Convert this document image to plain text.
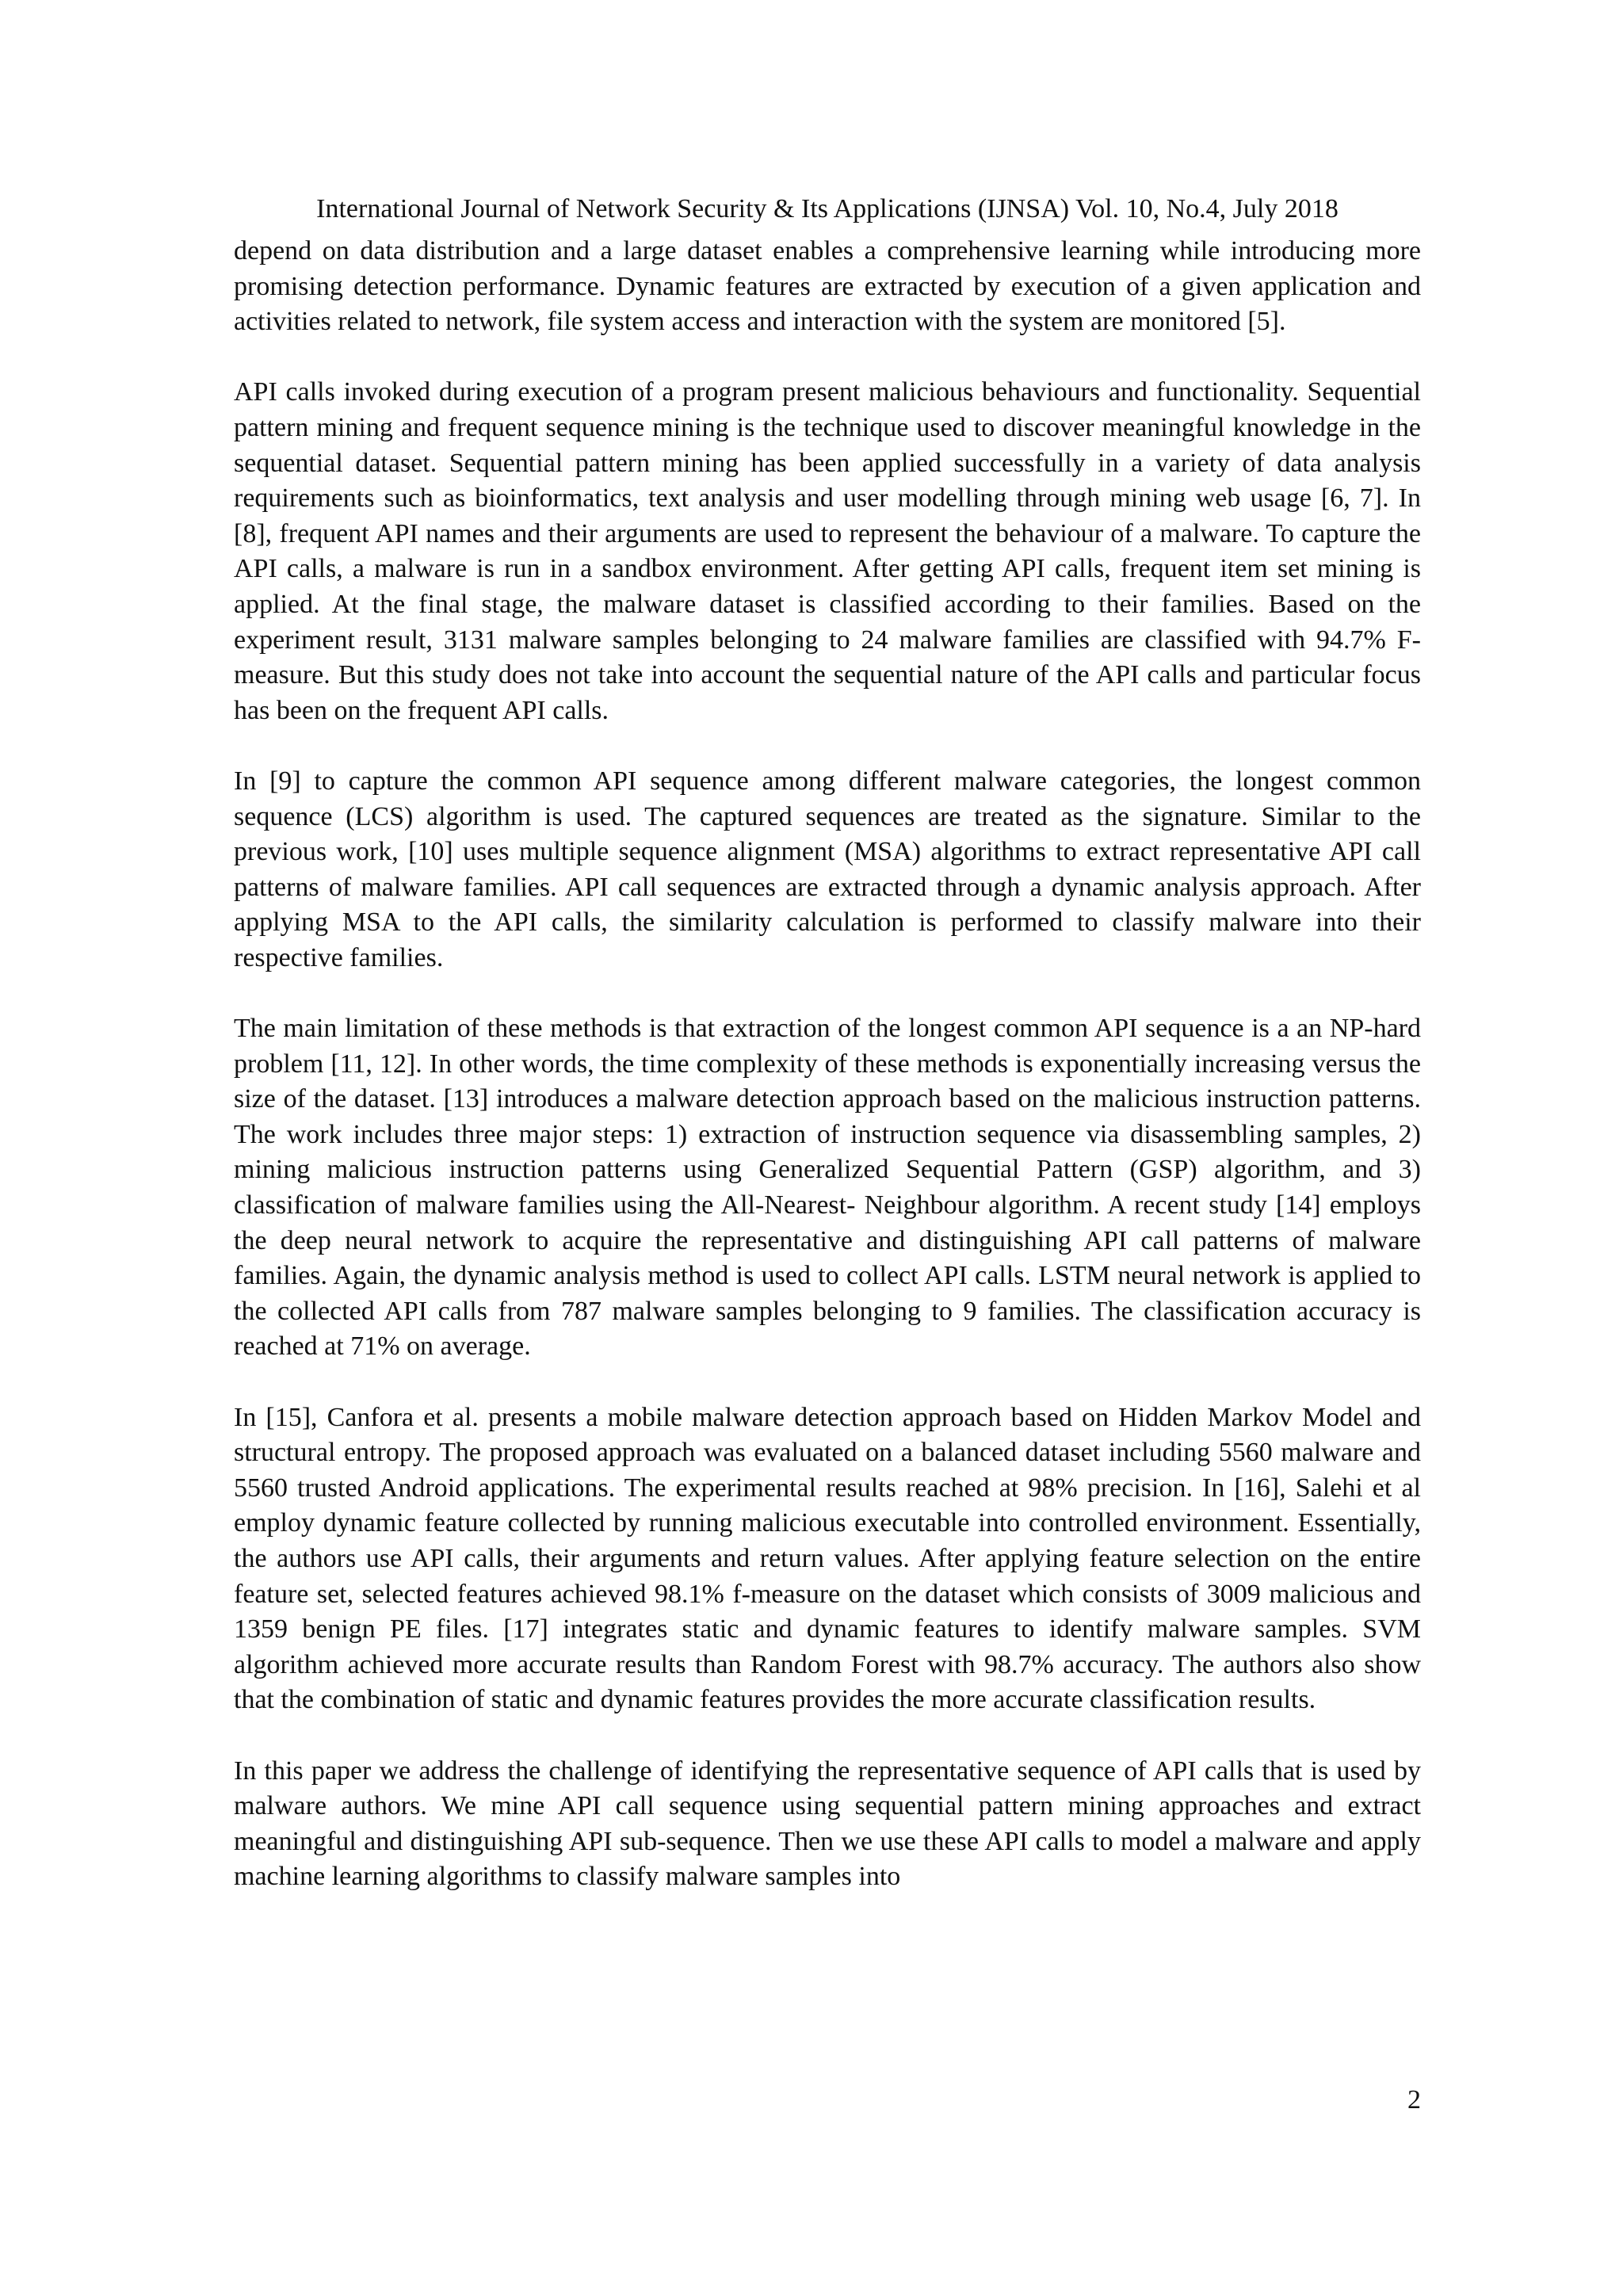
International Journal of Network Security & Its Applications (IJNSA) Vol. 10, No.4, July 2018

depend on data distribution and a large dataset enables a comprehensive learning while introducing more promising detection performance. Dynamic features are extracted by execution of a given application and activities related to network, file system access and interaction with the system are monitored [5].

API calls invoked during execution of a program present malicious behaviours and functionality. Sequential pattern mining and frequent sequence mining is the technique used to discover meaningful knowledge in the sequential dataset. Sequential pattern mining has been applied successfully in a variety of data analysis requirements such as bioinformatics, text analysis and user modelling through mining web usage [6, 7]. In [8], frequent API names and their arguments are used to represent the behaviour of a malware. To capture the API calls, a malware is run in a sandbox environment. After getting API calls, frequent item set mining is applied. At the final stage, the malware dataset is classified according to their families. Based on the experiment result, 3131 malware samples belonging to 24 malware families are classified with 94.7% F-measure. But this study does not take into account the sequential nature of the API calls and particular focus has been on the frequent API calls.

In [9] to capture the common API sequence among different malware categories, the longest common sequence (LCS) algorithm is used. The captured sequences are treated as the signature. Similar to the previous work, [10] uses multiple sequence alignment (MSA) algorithms to extract representative API call patterns of malware families. API call sequences are extracted through a dynamic analysis approach. After applying MSA to the API calls, the similarity calculation is performed to classify malware into their respective families.

The main limitation of these methods is that extraction of the longest common API sequence is a an NP-hard problem [11, 12]. In other words, the time complexity of these methods is exponentially increasing versus the size of the dataset. [13] introduces a malware detection approach based on the malicious instruction patterns. The work includes three major steps: 1) extraction of instruction sequence via disassembling samples, 2) mining malicious instruction patterns using Generalized Sequential Pattern (GSP) algorithm, and 3) classification of malware families using the All-Nearest- Neighbour algorithm. A recent study [14] employs the deep neural network to acquire the representative and distinguishing API call patterns of malware families. Again, the dynamic analysis method is used to collect API calls. LSTM neural network is applied to the collected API calls from 787 malware samples belonging to 9 families. The classification accuracy is reached at 71% on average.

In [15], Canfora et al. presents a mobile malware detection approach based on Hidden Markov Model and structural entropy. The proposed approach was evaluated on a balanced dataset including 5560 malware and 5560 trusted Android applications. The experimental results reached at 98% precision. In [16], Salehi et al employ dynamic feature collected by running malicious executable into controlled environment. Essentially, the authors use API calls, their arguments and return values. After applying feature selection on the entire feature set, selected features achieved 98.1% f-measure on the dataset which consists of 3009 malicious and 1359 benign PE files. [17] integrates static and dynamic features to identify malware samples. SVM algorithm achieved more accurate results than Random Forest with 98.7% accuracy. The authors also show that the combination of static and dynamic features provides the more accurate classification results.

In this paper we address the challenge of identifying the representative sequence of API calls that is used by malware authors. We mine API call sequence using sequential pattern mining approaches and extract meaningful and distinguishing API sub-sequence. Then we use these API calls to model a malware and apply machine learning algorithms to classify malware samples into

2
